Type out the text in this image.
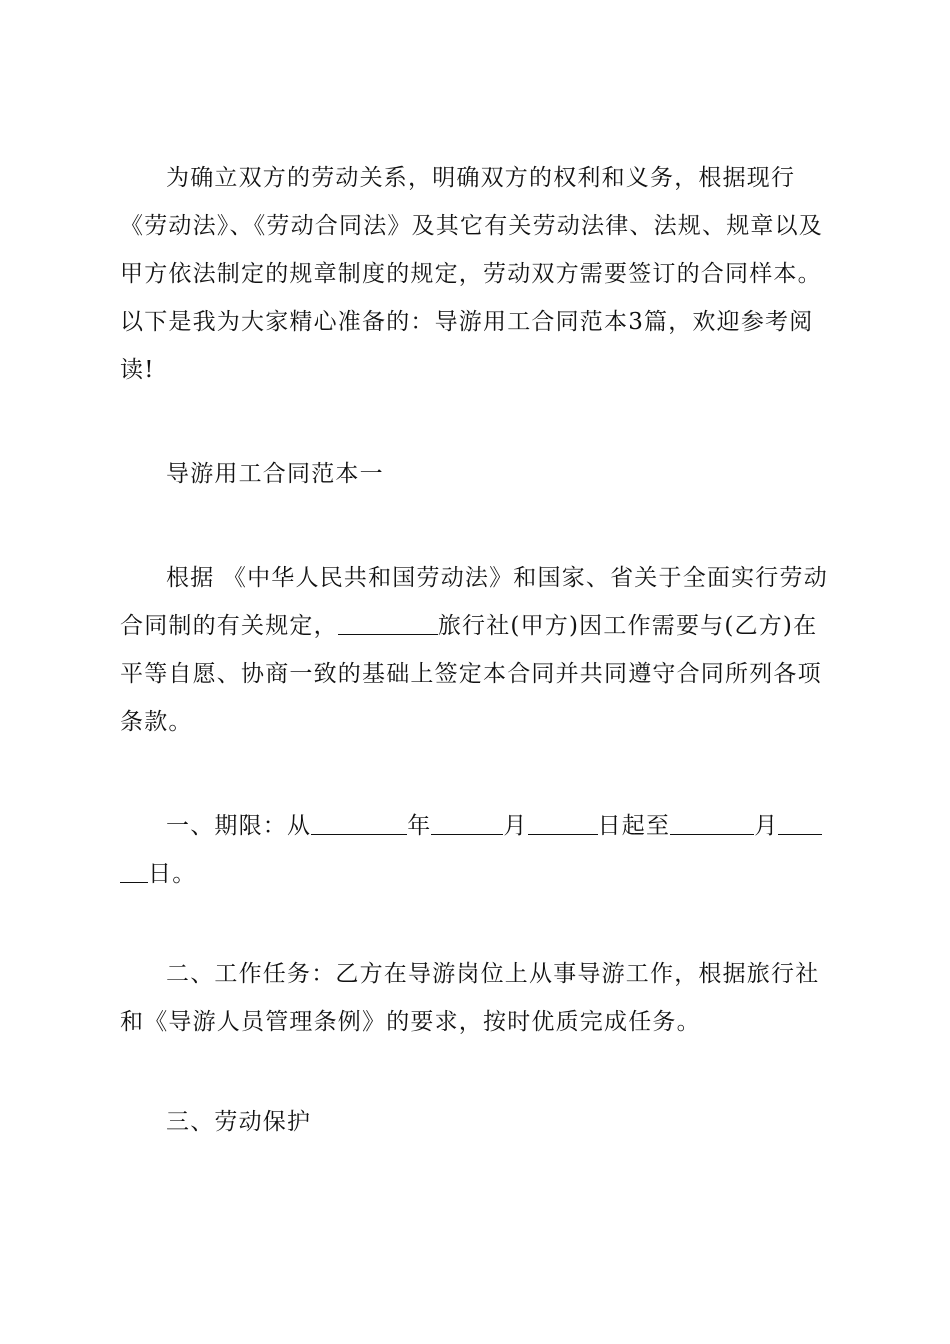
为确立双方的劳动关系，明确双方的权利和义务，根据现行《劳动法》、《劳动合同法》及其它有关劳动法律、法规、规章以及甲方依法制定的规章制度的规定，劳动双方需要签订的合同样本。以下是我为大家精心准备的：导游用工合同范本3篇，欢迎参考阅读!

导游用工合同范本一

根据 《中华人民共和国劳动法》和国家、省关于全面实行劳动合同制的有关规定，	旅行社(甲方)因工作需要与(乙方)在平等自愿、协商一致的基础上签定本合同并共同遵守合同所列各项条款。

一、期限：从	年	月	日起至	月日。

二、工作任务：乙方在导游岗位上从事导游工作，根据旅行社和《导游人员管理条例》的要求，按时优质完成任务。

三、劳动保护
